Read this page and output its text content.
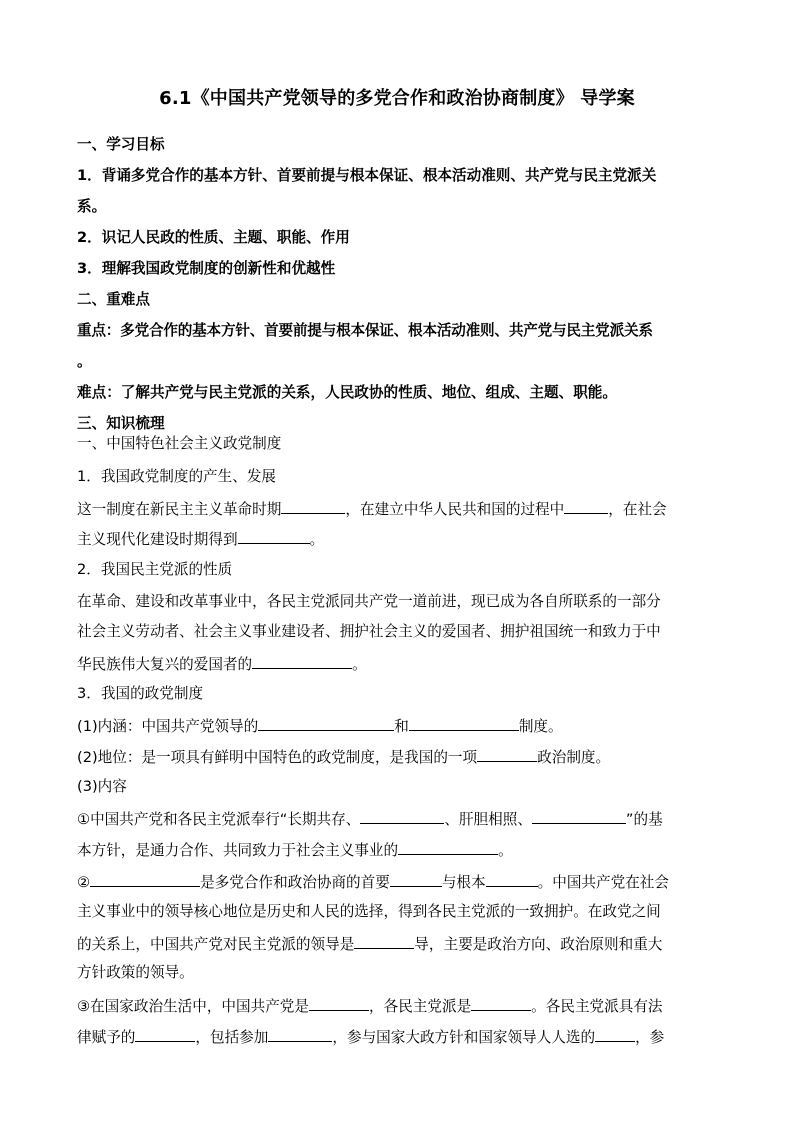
6.1《中国共产党领导的多党合作和政治协商制度》 导学案
一、学习目标
1．背诵多党合作的基本方针、首要前提与根本保证、根本活动准则、共产党与民主党派关
系。
2．识记人民政的性质、主题、职能、作用
3．理解我国政党制度的创新性和优越性
二、重难点
重点：多党合作的基本方针、首要前提与根本保证、根本活动准则、共产党与民主党派关系
。
难点：了解共产党与民主党派的关系，人民政协的性质、地位、组成、主题、职能。
三、知识梳理
一、中国特色社会主义政党制度
1．我国政党制度的产生、发展
这一制度在新民主主义革命时期	，在建立中华人民共和国的过程中	，在社会
主义现代化建设时期得到	。
2．我国民主党派的性质
在革命、建设和改革事业中，各民主党派同共产党一道前进，现已成为各自所联系的一部分
社会主义劳动者、社会主义事业建设者、拥护社会主义的爱国者、拥护祖国统一和致力于中
华民族伟大复兴的爱国者的	。
3．我国的政党制度
(1)内涵：中国共产党领导的	和	制度。
(2)地位：是一项具有鲜明中国特色的政党制度，是我国的一项	政治制度。
(3)内容
①中国共产党和各民主党派奉行“长期共存、	、肝胆相照、	”的基
本方针，是通力合作、共同致力于社会主义事业的	。
②	是多党合作和政治协商的首要	与根本	。中国共产党在社会
主义事业中的领导核心地位是历史和人民的选择，得到各民主党派的一致拥护。在政党之间
的关系上，中国共产党对民主党派的领导是	导，主要是政治方向、政治原则和重大
方针政策的领导。
③在国家政治生活中，中国共产党是	，各民主党派是	。各民主党派具有法
律赋予的	，包括参加	，参与国家大政方针和国家领导人人选的	，参
